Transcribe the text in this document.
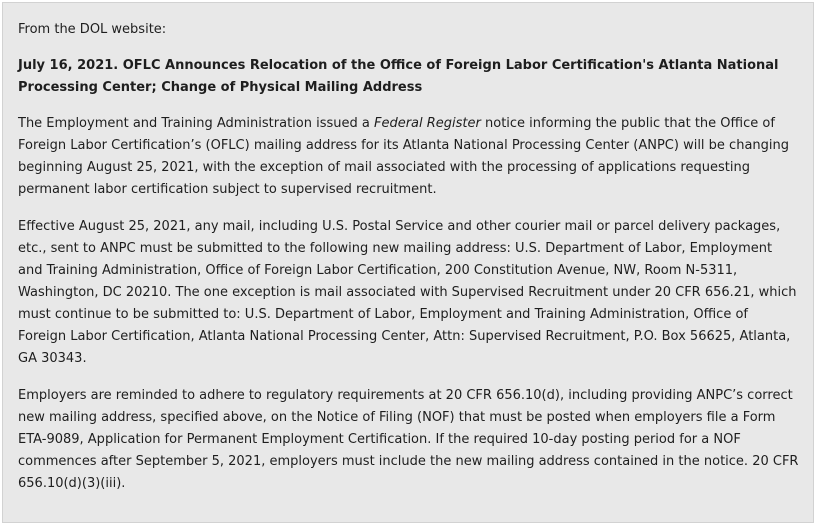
From the DOL website:

July 16, 2021. OFLC Announces Relocation of the Office of Foreign Labor Certification's Atlanta National Processing Center; Change of Physical Mailing Address

The Employment and Training Administration issued a Federal Register notice informing the public that the Office of Foreign Labor Certification’s (OFLC) mailing address for its Atlanta National Processing Center (ANPC) will be changing beginning August 25, 2021, with the exception of mail associated with the processing of applications requesting permanent labor certification subject to supervised recruitment.

Effective August 25, 2021, any mail, including U.S. Postal Service and other courier mail or parcel delivery packages, etc., sent to ANPC must be submitted to the following new mailing address: U.S. Department of Labor, Employment and Training Administration, Office of Foreign Labor Certification, 200 Constitution Avenue, NW, Room N-5311, Washington, DC 20210. The one exception is mail associated with Supervised Recruitment under 20 CFR 656.21, which must continue to be submitted to: U.S. Department of Labor, Employment and Training Administration, Office of Foreign Labor Certification, Atlanta National Processing Center, Attn: Supervised Recruitment, P.O. Box 56625, Atlanta, GA 30343.

Employers are reminded to adhere to regulatory requirements at 20 CFR 656.10(d), including providing ANPC’s correct new mailing address, specified above, on the Notice of Filing (NOF) that must be posted when employers file a Form ETA-9089, Application for Permanent Employment Certification. If the required 10-day posting period for a NOF commences after September 5, 2021, employers must include the new mailing address contained in the notice. 20 CFR 656.10(d)(3)(iii).
